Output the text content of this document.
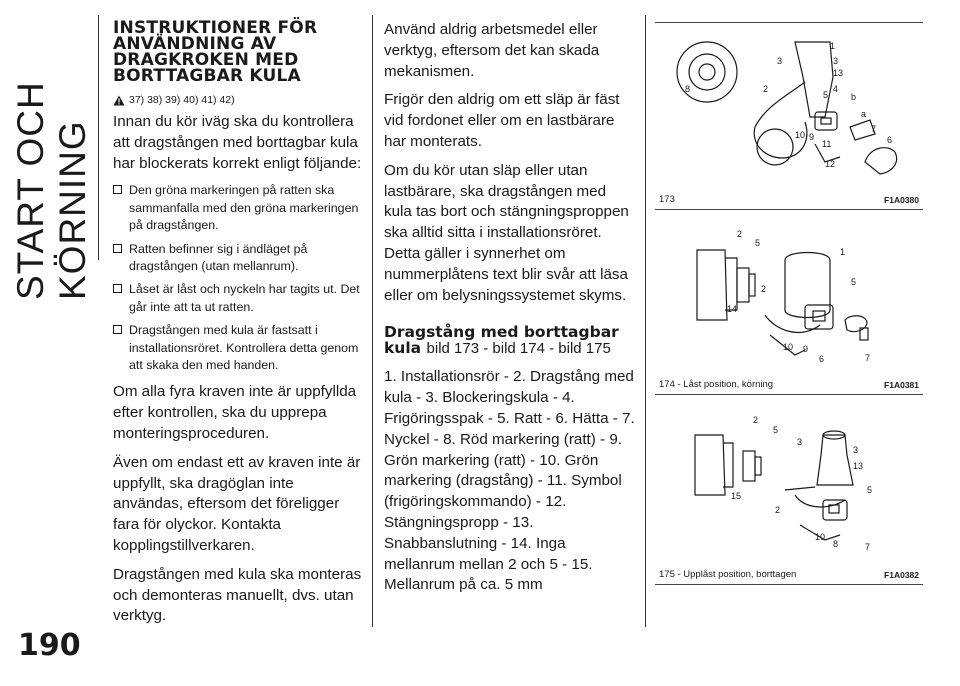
START OCH KÖRNING
190
INSTRUKTIONER FÖR ANVÄNDNING AV DRAGKROKEN MED BORTTAGBAR KULA
37) 38) 39) 40) 41) 42)

Innan du kör iväg ska du kontrollera att dragstången med borttagbar kula har blockerats korrekt enligt följande:

Den gröna markeringen på ratten ska sammanfalla med den gröna markeringen på dragstången.
Ratten befinner sig i ändläget på dragstången (utan mellanrum).
Låset är låst och nyckeln har tagits ut. Det går inte att ta ut ratten.
Dragstången med kula är fastsatt i installationsröret. Kontrollera detta genom att skaka den med handen.

Om alla fyra kraven inte är uppfyllda efter kontrollen, ska du upprepa monteringsproceduren.

Även om endast ett av kraven inte är uppfyllt, ska dragöglan inte användas, eftersom det föreligger fara för olyckor. Kontakta kopplingstillverkaren.

Dragstången med kula ska monteras och demonteras manuellt, dvs. utan verktyg.

Använd aldrig arbetsmedel eller verktyg, eftersom det kan skada mekanismen.

Frigör den aldrig om ett släp är fäst vid fordonet eller om en lastbärare har monterats.

Om du kör utan släp eller utan lastbärare, ska dragstången med kula tas bort och stängningsproppen ska alltid sitta i installationsröret. Detta gäller i synnerhet om nummerplåtens text blir svår att läsa eller om belysningssystemet skyms.

Dragstång med borttagbar kula bild 173 - bild 174 - bild 175

1. Installationsrör - 2. Dragstång med kula - 3. Blockeringskula - 4. Frigöringsspak - 5. Ratt - 6. Hätta - 7. Nyckel - 8. Röd markering (ratt) - 9. Grön markering (ratt) - 10. Grön markering (dragstång) - 11. Symbol (frigöringskommando) - 12. Stängningspropp - 13. Snabbanslutning - 14. Inga mellanrum mellan 2 och 5 - 15. Mellanrum på ca. 5 mm

1
3	3
13
8	2	4
b
5
a
7
6
10 9
11
12
173	F1A0380
2
5
1
5
2
14
10 9
6	7
174 - Låst position, körning	F1A0381
2
5
3
3
13
15
5
2
10
8	7
175 - Upplåst position, borttagen	F1A0382
